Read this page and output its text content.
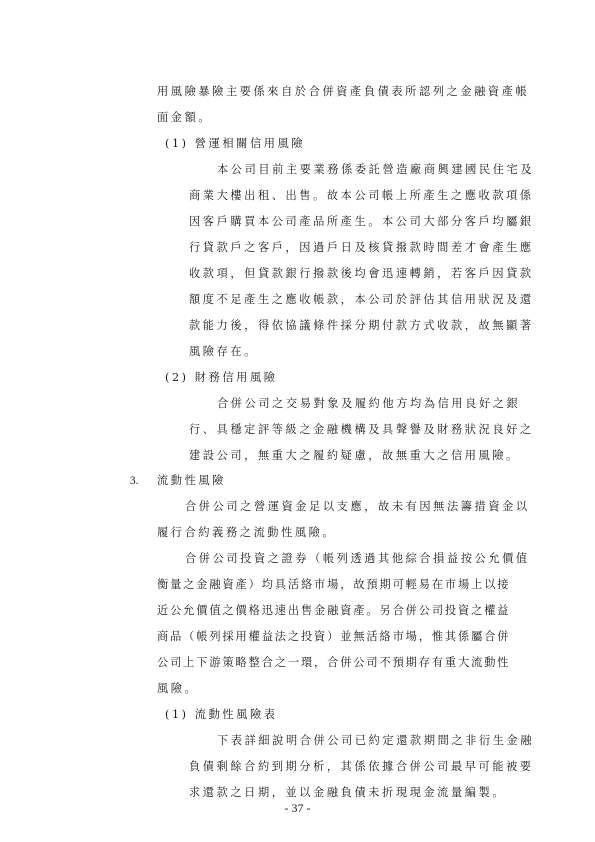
用風險暴險主要係來自於合併資產負債表所認列之金融資產帳
面金額。
(1) 營運相關信用風險
本公司目前主要業務係委託營造廠商興建國民住宅及
商業大樓出租、出售。故本公司帳上所產生之應收款項係
因客戶購買本公司產品所產生。本公司大部分客戶均屬銀
行貸款戶之客戶，因過戶日及核貸撥款時間差才會產生應
收款項，但貸款銀行撥款後均會迅速轉銷，若客戶因貸款
額度不足產生之應收帳款，本公司於評估其信用狀況及還
款能力後，得依協議條件採分期付款方式收款，故無顯著
風險存在。
(2) 財務信用風險
合併公司之交易對象及履約他方均為信用良好之銀
行、具穩定評等級之金融機構及具聲譽及財務狀況良好之
建設公司，無重大之履約疑慮，故無重大之信用風險。
3. 流動性風險
合併公司之營運資金足以支應，故未有因無法籌措資金以
履行合約義務之流動性風險。
合併公司投資之證券（帳列透過其他綜合損益按公允價值
衡量之金融資產）均具活絡市場，故預期可輕易在市場上以接
近公允價值之價格迅速出售金融資產。另合併公司投資之權益
商品（帳列採用權益法之投資）並無活絡市場，惟其係屬合併
公司上下游策略整合之一環，合併公司不預期存有重大流動性
風險。
(1) 流動性風險表
下表詳細說明合併公司已約定還款期間之非衍生金融
負債剩餘合約到期分析，其係依據合併公司最早可能被要
求還款之日期，並以金融負債未折現現金流量編製。
- 37 -
